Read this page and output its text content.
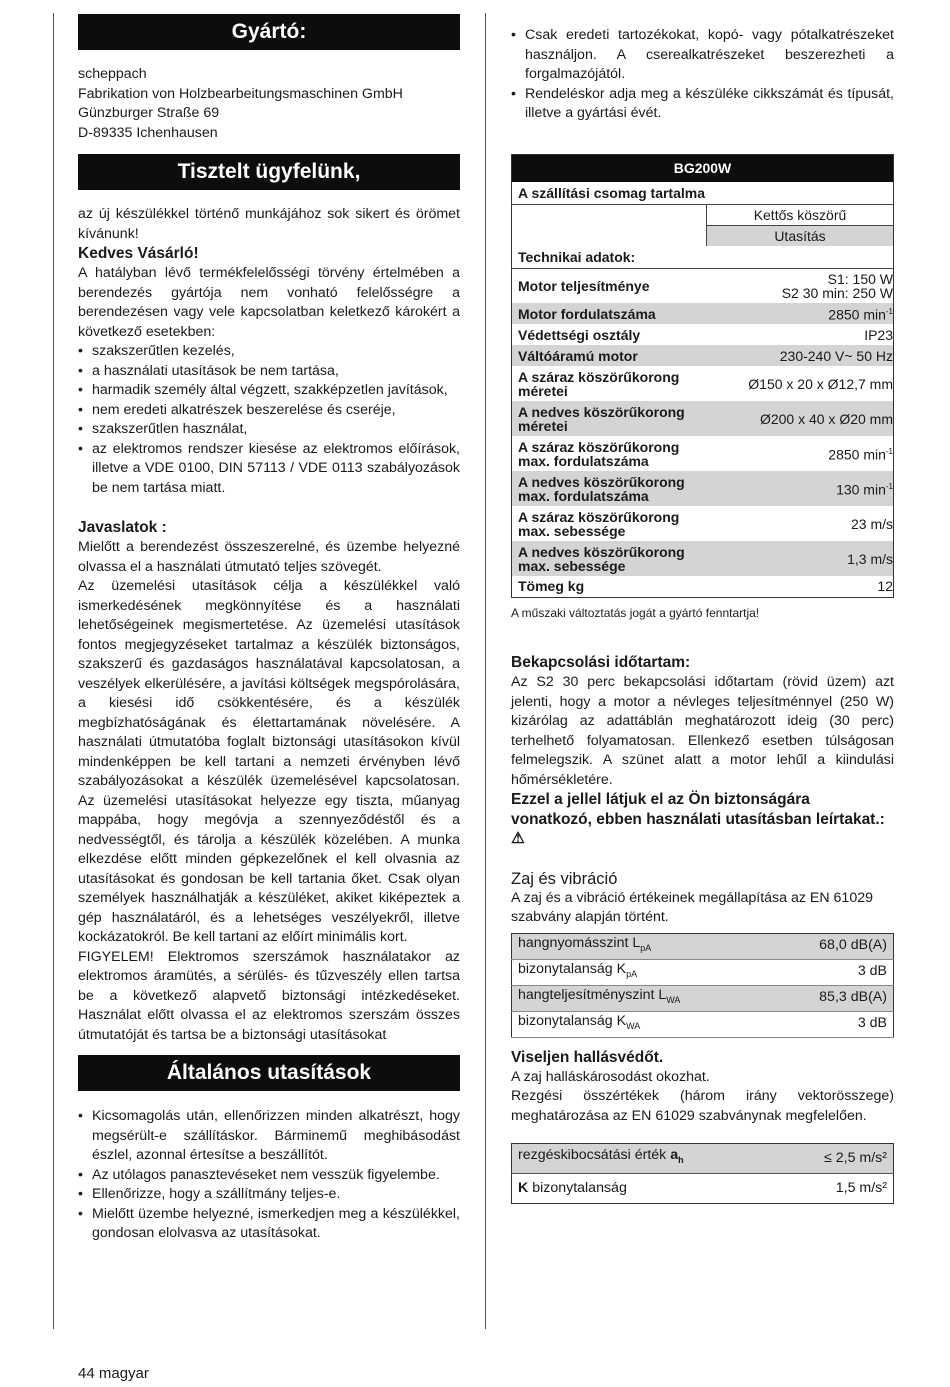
Gyártó:

scheppach

Fabrikation von Holzbearbeitungsmaschinen GmbH

Günzburger Straße 69

D-89335 Ichenhausen

Tisztelt ügyfelünk,

az új készülékkel történő munkájához sok sikert és örömet kívánunk!

Kedves Vásárló!

A hatályban lévő termékfelelősségi törvény értelmében a berendezés gyártója nem vonható felelősségre a berendezésen vagy vele kapcsolatban keletkező károkért a következő esetekben:

• szakszerűtlen kezelés,
• a használati utasítások be nem tartása,
• harmadik személy által végzett, szakképzetlen javítások,
• nem eredeti alkatrészek beszerelése és cseréje,
• szakszerűtlen használat,
• az elektromos rendszer kiesése az elektromos előírások, illetve a VDE 0100, DIN 57113 / VDE 0113 szabályozások be nem tartása miatt.
Javaslatok :

Mielőtt a berendezést összeszerelné, és üzembe helyezné olvassa el a használati útmutató teljes szövegét.

Az üzemelési utasítások célja a készülékkel való ismerkedésének megkönnyítése és a használati lehetőségeinek megismertetése. Az üzemelési utasítások fontos megjegyzéseket tartalmaz a készülék biztonságos, szakszerű és gazdaságos használatával kapcsolatosan, a veszélyek elkerülésére, a javítási költségek megspórolására, a kiesési idő csökkentésére, és a készülék megbízhatóságának és élettartamának növelésére. A használati útmutatóba foglalt biztonsági utasításokon kívül mindenképpen be kell tartani a nemzeti érvényben lévő szabályozásokat a készülék üzemelésével kapcsolatosan. Az üzemelési utasításokat helyezze egy tiszta, műanyag mappába, hogy megóvja a szennyeződéstől és a nedvességtől, és tárolja a készülék közelében. A munka elkezdése előtt minden gépkezelőnek el kell olvasnia az utasításokat és gondosan be kell tartania őket. Csak olyan személyek használhatják a készüléket, akiket kiképeztek a gép használatáról, és a lehetséges veszélyekről, illetve kockázatokról. Be kell tartani az előírt minimális kort.

FIGYELEM! Elektromos szerszámok használatakor az elektromos áramütés, a sérülés- és tűzveszély ellen tartsa be a következő alapvető biztonsági intézkedéseket. Használat előtt olvassa el az elektromos szerszám összes útmutatóját és tartsa be a biztonsági utasításokat

Általános utasítások
• Kicsomagolás után, ellenőrizzen minden alkatrészt, hogy megsérült-e szállításkor. Bárminemű meghibásodást észlel, azonnal értesítse a beszállítót.
• Az utólagos panasztevéseket nem vesszük figyelembe.
• Ellenőrizze, hogy a szállítmány teljes-e.
• Mielőtt üzembe helyezné, ismerkedjen meg a készülékkel, gondosan elolvasva az utasításokat.
• Csak eredeti tartozékokat, kopó- vagy pótalkatrészeket használjon. A cserealkatrészeket beszerezheti a forgalmazójától.
• Rendeléskor adja meg a készüléke cikkszámát és típusát, illetve a gyártási évét.
BG200W	
A szállítási csomag tartalma	
	Kettős köszörű
	Utasítás
Technikai adatok:	
Motor teljesítménye	S1: 150 W
S2 30 min: 250 W
Motor fordulatszáma	2850 $\min^{-1}$
Védettségi osztály	IP23
Váltóáramú motor	230-240 V~ 50 Hz
A száraz köszörűkorong méretei	Ø150 x 20 x Ø12,7 mm
A nedves köszörűkorong méretei	Ø200 x 40 x Ø20 mm
A száraz köszörűkorong max. fordulatszáma	2850 $\min^{-1}$
A nedves köszörűkorong max. fordulatszáma	130 $\min^{-1}$
A száraz köszörűkorong max. sebessége	23 m/s
A nedves köszörűkorong max. sebessége	1,3 m/s
Tömeg kg	12

A műszaki változtatás jogát a gyártó fenntartja!

Bekapcsolási időtartam:

Az S2 30 perc bekapcsolási időtartam (rövid üzem) azt jelenti, hogy a motor a névleges teljesítménnyel (250 W) kizárólag az adattáblán meghatározott ideig (30 perc) terhelhető folyamatosan. Ellenkező esetben túlságosan felmelegszik. A szünet alatt a motor lehűl a kiindulási hőmérsékletére.

Ezzel a jellel látjuk el az Ön biztonságára vonatkozó, ebben használati utasításban leírtakat.: ⚠
Zaj és vibráció

A zaj és a vibráció értékeinek megállapítása az EN 61029 szabvány alapján történt.

hangnyomásszint $L_{pA}$	68,0 dB(A)
bizonytalanság $K_{pA}$	3 dB
hangteljesítményszint $L_{WA}$	85,3 dB(A)
bizonytalanság $K_{WA}$	3 dB
Viseljen hallásvédőt.

A zaj halláskárosodást okozhat.

Rezgési összértékek (három irány vektorösszege) meghatározása az EN 61029 szabványnak megfelelően.

rezgéskibocsátási érték $a_h$	≤ 2,5 m/s²
K bizonytalanság	1,5 m/s²
44 magyar
